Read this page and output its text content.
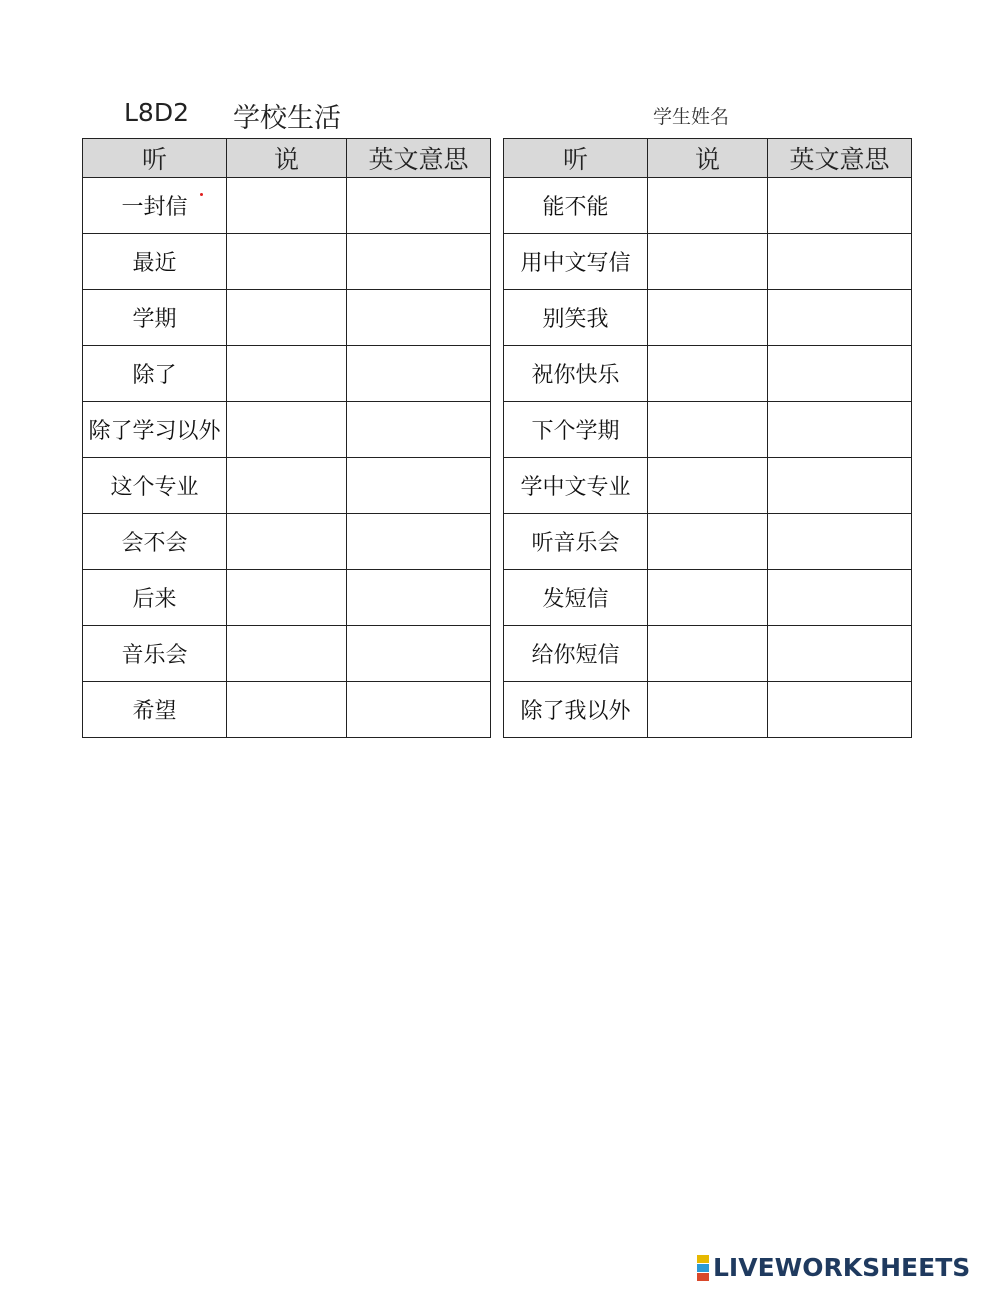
L8D2 学校生活	学生姓名
听	说	英文意思
一封信		
最近		
学期		
除了		
除了学习以外		
这个专业		
会不会		
后来		
音乐会		
希望		
听	说	英文意思
能不能		
用中文写信		
别笑我		
祝你快乐		
下个学期		
学中文专业		
听音乐会		
发短信		
给你短信		
除了我以外		
LIVEWORKSHEETS
